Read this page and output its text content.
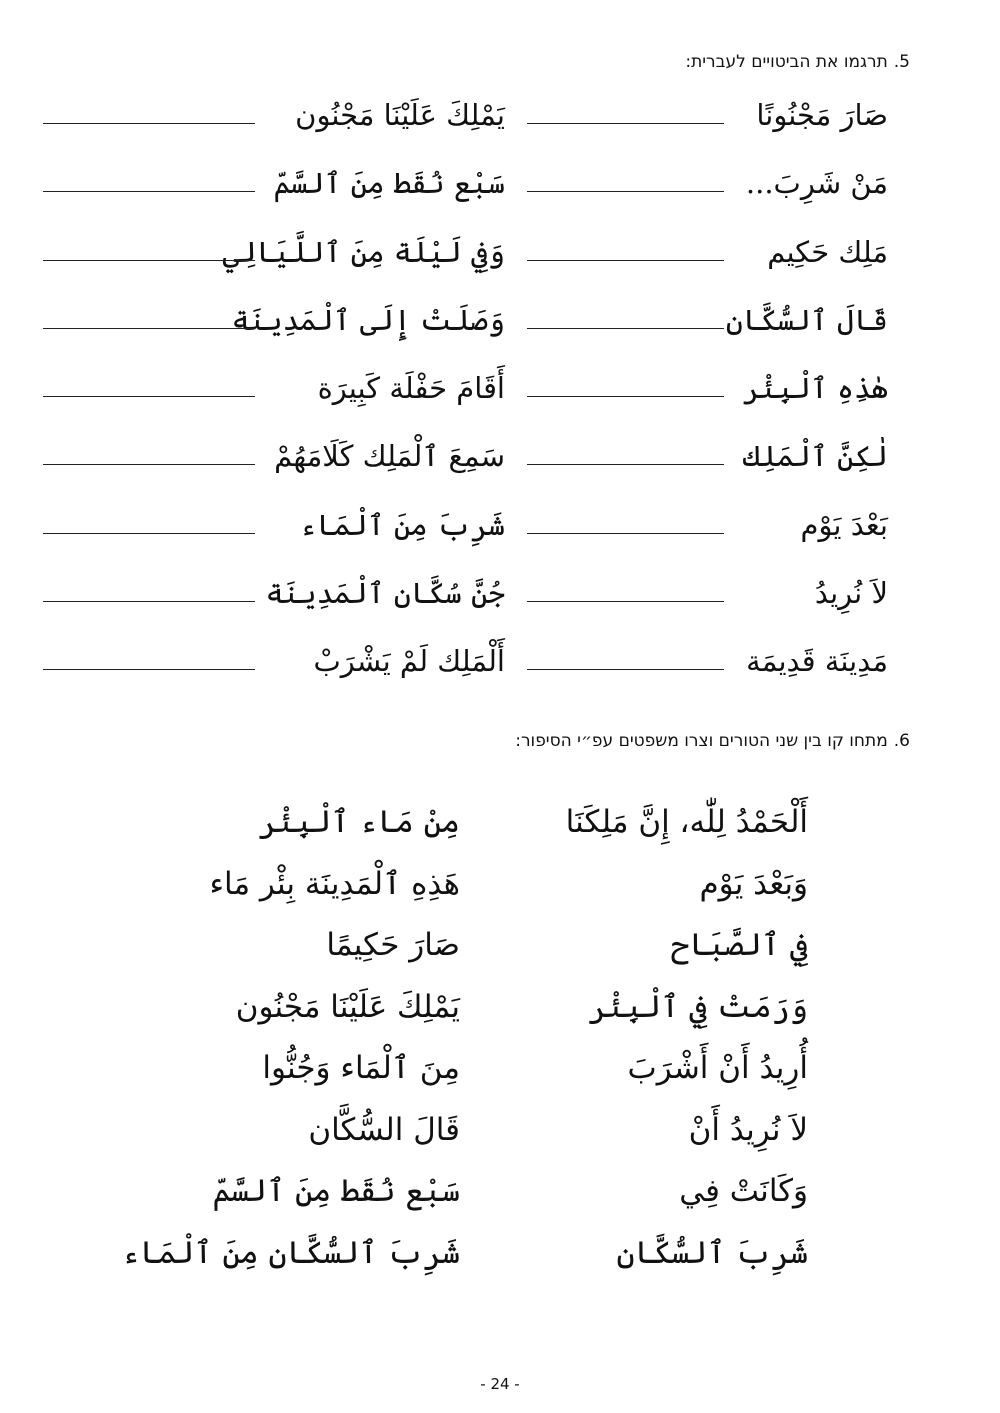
5.תרגמו את הביטויים לעברית:
صَارَ مَجْنُونًا
يَمْلِكَ عَلَيْنَا مَجْنُون
مَنْ شَرِبَ...
سَبْع نُقَط مِنَ ٱلسَّمّ
مَلِك حَكِيم
وَفِي لَيْلَة مِنَ ٱللَّيَالِي
قَالَ ٱلسُّكَّان
وَصَلَتْ إِلَى ٱلْمَدِينَة
هٰذِهِ ٱلْبِئْر
أَقَامَ حَفْلَة كَبِيرَة
لٰكِنَّ ٱلْمَلِك
سَمِعَ ٱلْمَلِك كَلَامَهُمْ
بَعْدَ يَوْم
شَرِبَ مِنَ ٱلْمَاء
لاَ نُرِيدُ
جُنَّ سُكَّان ٱلْمَدِينَة
مَدِينَة قَدِيمَة
أَلْمَلِك لَمْ يَشْرَبْ
6.מתחו קו בין שני הטורים וצרו משפטים עפ״י הסיפור:
أَلْحَمْدُ لِلّٰه، إِنَّ مَلِكَنَا
مِنْ مَاء ٱلْبِئْر
وَبَعْدَ يَوْم
هَذِهِ ٱلْمَدِينَة بِئْر مَاء
فِي ٱلصَّبَاح
صَارَ حَكِيمًا
وَرَمَتْ فِي ٱلْبِئْر
يَمْلِكَ عَلَيْنَا مَجْنُون
أُرِيدُ أَنْ أَشْرَبَ
مِنَ ٱلْمَاء وَجُنُّوا
لاَ نُرِيدُ أَنْ
قَالَ السُّكَّان
وَكَانَتْ فِي
سَبْع نُقَط مِنَ ٱلسَّمّ
شَرِبَ ٱلسُّكَّان
شَرِبَ ٱلسُّكَّان مِنَ ٱلْمَاء
- 24 -
